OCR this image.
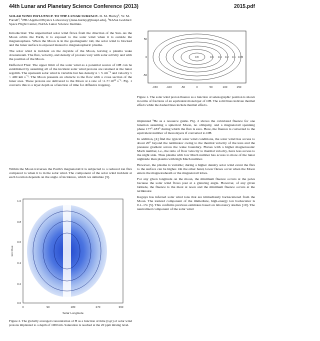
44th Lunar and Planetary Science Conference (2013)	2015.pdf
SOLAR WIND INFLUENCE TO THE LUNAR SURFACE. D. M. Hurley¹, W. M. Farrell², ¹JHU Applied Physics Laboratory (dana.hurley@jhuapl.edu), ²NASA Goddard Space Flight Center, NASA Lunar Science Institute.

Introduction: The unperturbed solar wind flows from the direction of the Sun. As the Moon orbits the Earth, it is exposed to the solar wind when it is outside the magnetosphere. When the Moon is in the geomagnetic tail, the solar wind is blocked and the lunar surface is exposed instead to magnetospheric plasma.

The solar wind is incident on the dayside of the Moon, leaving a plasma wake downstream. The flux, velocity, and density of protons vary with solar activity and with the position of the Moon.

Deflected Flux: The upper limit of the solar wind as a potential source of OH can be established by assuming all of the incident solar wind protons are retained at the lunar regolith. The upstream solar wind is variable but has density n ~ 5 cm⁻³ and velocity v ~ 400 km s⁻¹. The Moon presents an obstacle to the flow with a cross section of the lunar area. These protons are delivered to the Moon at a rate of ~1.7×10²⁵ s⁻¹. Fig. 1 converts this to a layer depth as a function of time for diffusive trapping.

Within the Moon traverses the Earth's magnetotail it is subjected to a reduced ion flux compared to when it is in the solar wind. The component of the solar wind incident at each location depends on the angle of incidence, which we simulate [3].

0.8	0.6 0.4 0.2 0.1 0.05
-150	-100	-50	0	50	100	150
50
0
-50
Figure 1. The solar wind proton fluence as a function of selenographic position is shown in terms of fractions of an equivalent monolayer of OH. The solid lines indicate thermal effects while the dashed lines include thermal effects.
Ion Flux
1.0
0.8
0.6
0.4
0.2
0.0
0	90	180	270	360
Solar Longitude
Figure 2. The globally averaged concentration of H as a function of time (Gyr) of solar wind protons implanted to a depth of 1000 nm. Saturation is reached at the 20 ppm mixing level.

implanted ³He as a resource guide. Fig. 2 shows the calculated fluence for one lunation assuming a spherical Moon, no obliquity, and a magnetotail spanning phase 177°-183° during which the flux is zero. Here, the fluence is converted to the equivalent number of monolayers if converted to OH.

In addition, [4] find the typical solar wind conditions, the solar wind has access to about 20° beyond the terminator owing to the thermal velocity of the ions and the pressure gradient across the wake boundary. Fluxes with a higher magnetosonic Mach number, i.e., the ratio of flow velocity to thermal velocity, have less access to the night side. Thus plasma with low Mach number has access to more of the lunar nightside than plasma with high Mach number.

However, the plasma is variable; during a higher density solar wind event the flux to the surface can be higher. On the other hand, lower fluxes occur when the Moon enters the magnetosheath or the magnetotail lobes.

For any given longitude on the moon, the minimum fluence occurs at the poles because the solar wind flows past at a glancing angle. However, of any given latitude, the fluence is the most at noon and the minimum fluence occurs at the terminator.

Kaguya has inferred solar wind ions that are immediately backscattered from the Moon. The ionized component of the immediate, high-energy ion backscatter is 0.1–1% [5]. This confirms previous estimates based on laboratory studies [10]. The neutralized component of the solar wind
